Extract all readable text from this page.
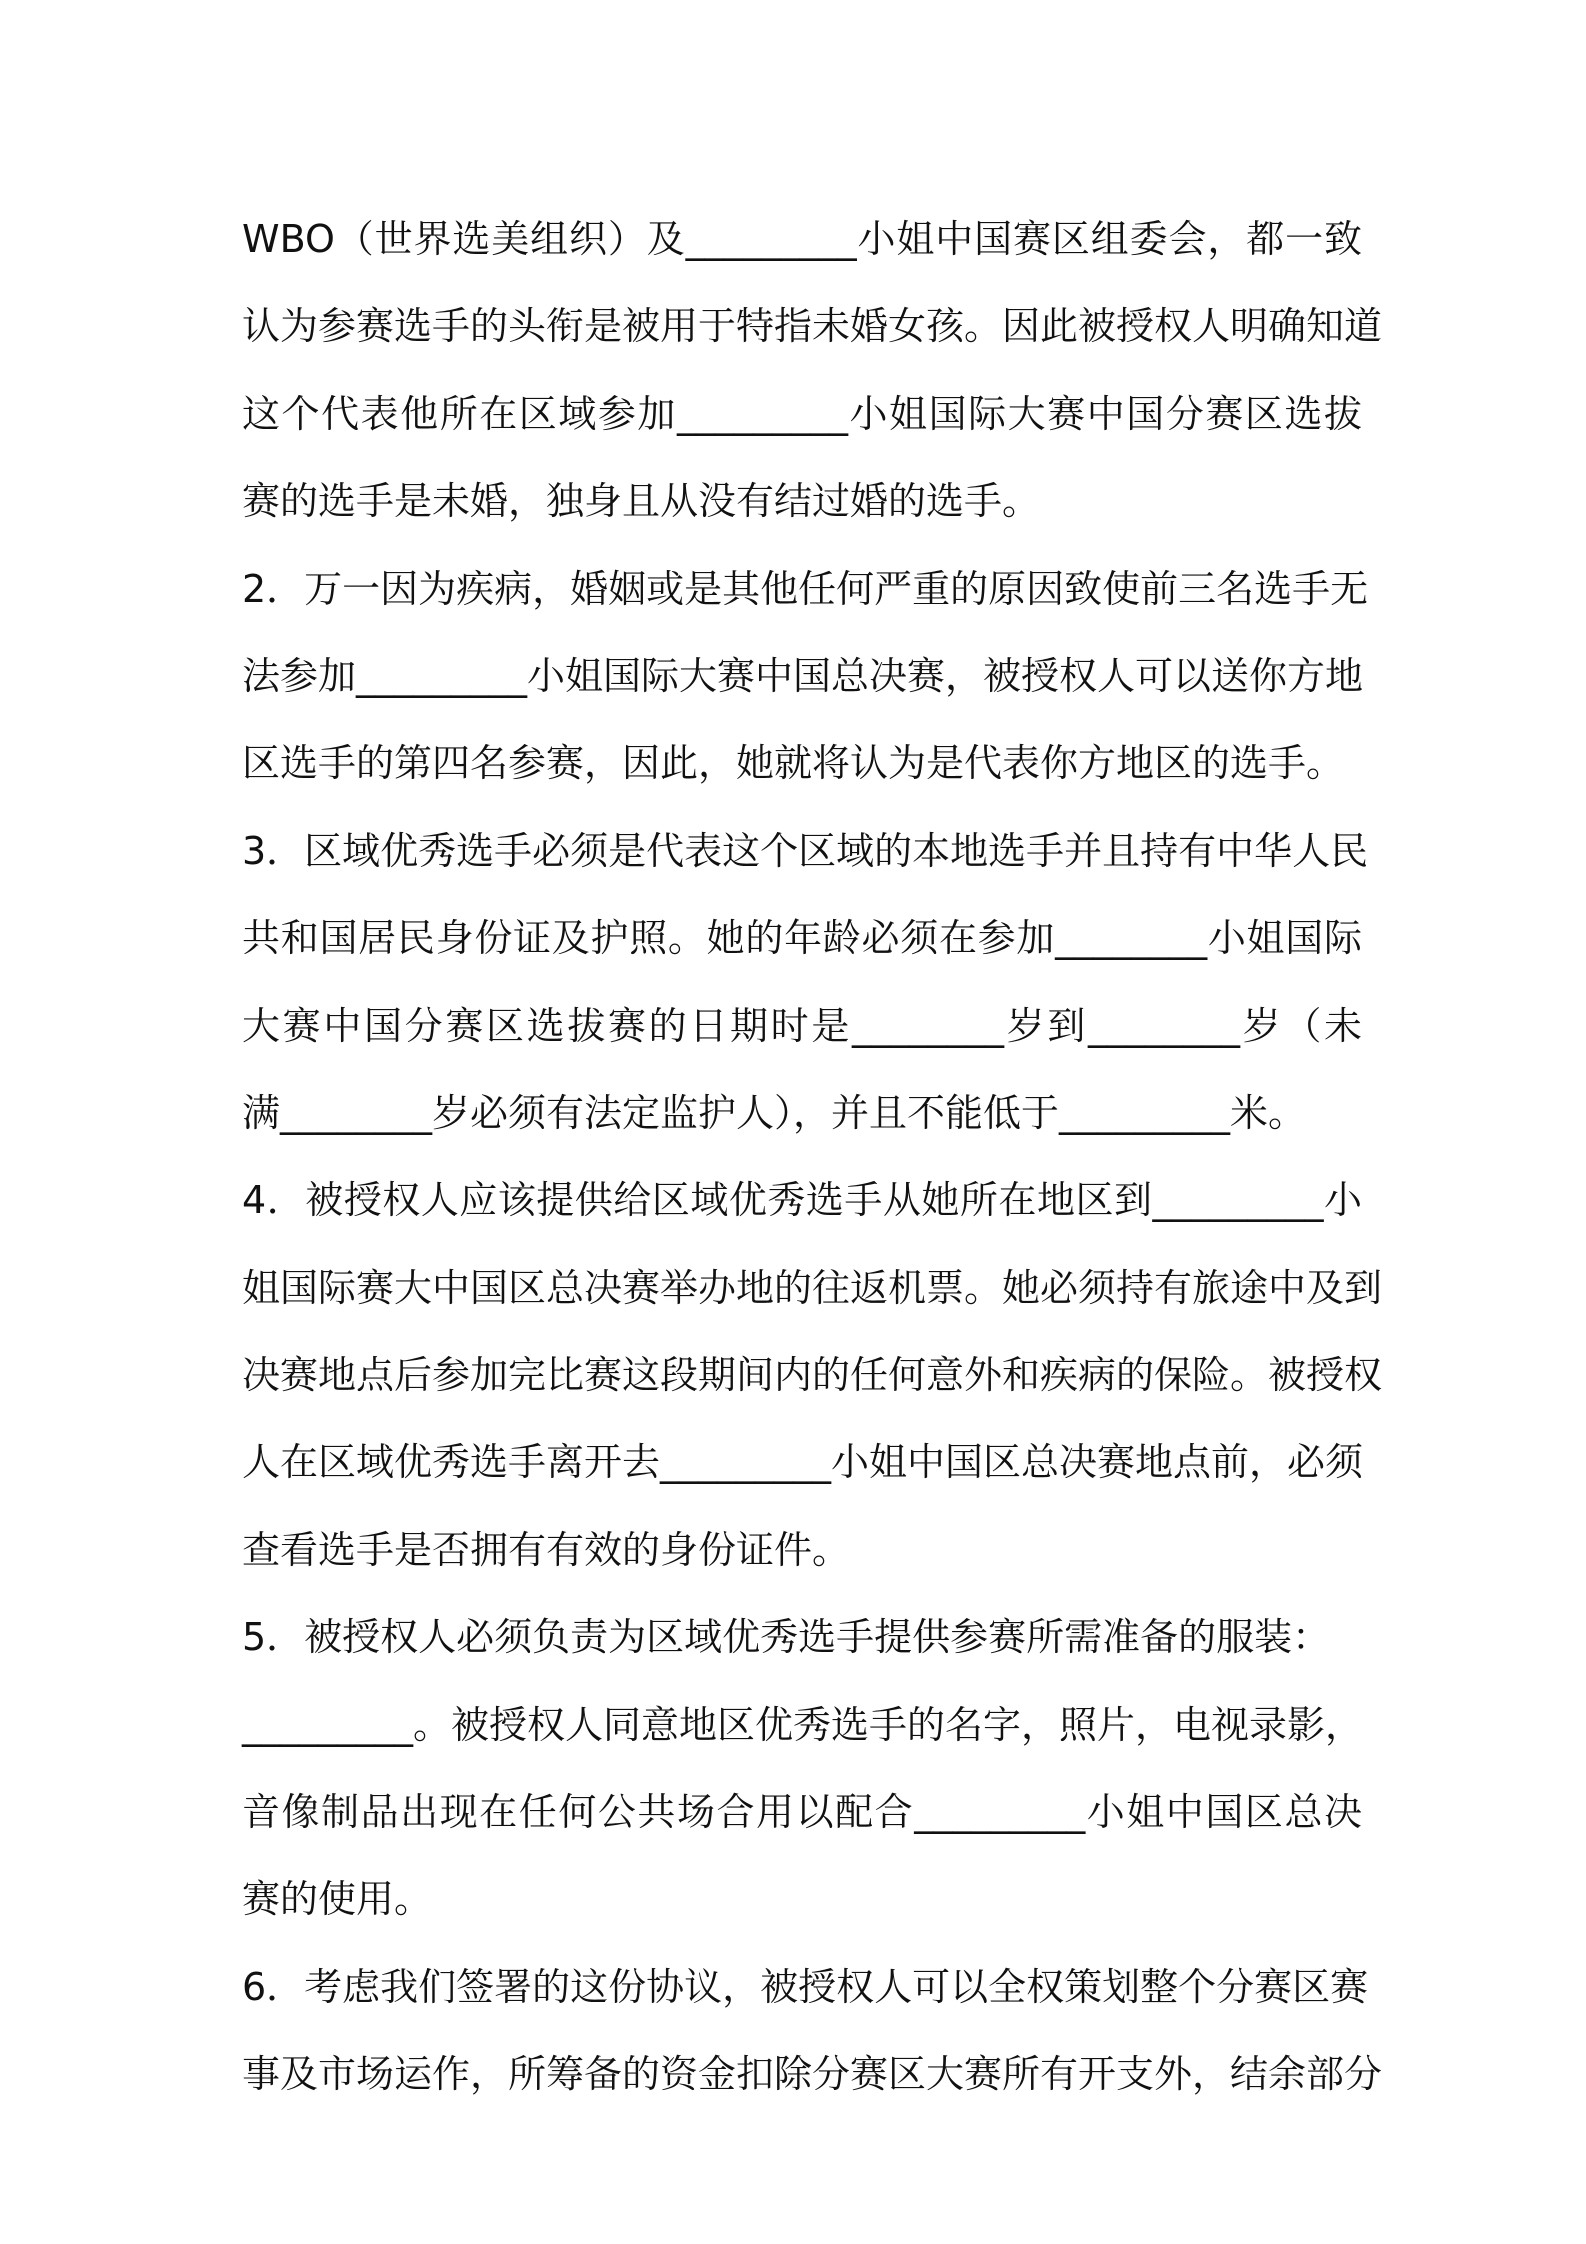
WBO（世界选美组织）及_________小姐中国赛区组委会，都一致
认为参赛选手的头衔是被用于特指未婚女孩。因此被授权人明确知道
这个代表他所在区域参加_________小姐国际大赛中国分赛区选拔
赛的选手是未婚，独身且从没有结过婚的选手。
2．万一因为疾病，婚姻或是其他任何严重的原因致使前三名选手无
法参加_________小姐国际大赛中国总决赛，被授权人可以送你方地
区选手的第四名参赛，因此，她就将认为是代表你方地区的选手。
3．区域优秀选手必须是代表这个区域的本地选手并且持有中华人民
共和国居民身份证及护照。她的年龄必须在参加________小姐国际
大赛中国分赛区选拔赛的日期时是________岁到________岁（未
满________岁必须有法定监护人），并且不能低于_________米。
4．被授权人应该提供给区域优秀选手从她所在地区到_________小
姐国际赛大中国区总决赛举办地的往返机票。她必须持有旅途中及到
决赛地点后参加完比赛这段期间内的任何意外和疾病的保险。被授权
人在区域优秀选手离开去_________小姐中国区总决赛地点前，必须
查看选手是否拥有有效的身份证件。
5．被授权人必须负责为区域优秀选手提供参赛所需准备的服装：
_________。被授权人同意地区优秀选手的名字，照片，电视录影，
音像制品出现在任何公共场合用以配合_________小姐中国区总决
赛的使用。
6．考虑我们签署的这份协议，被授权人可以全权策划整个分赛区赛
事及市场运作，所筹备的资金扣除分赛区大赛所有开支外，结余部分
